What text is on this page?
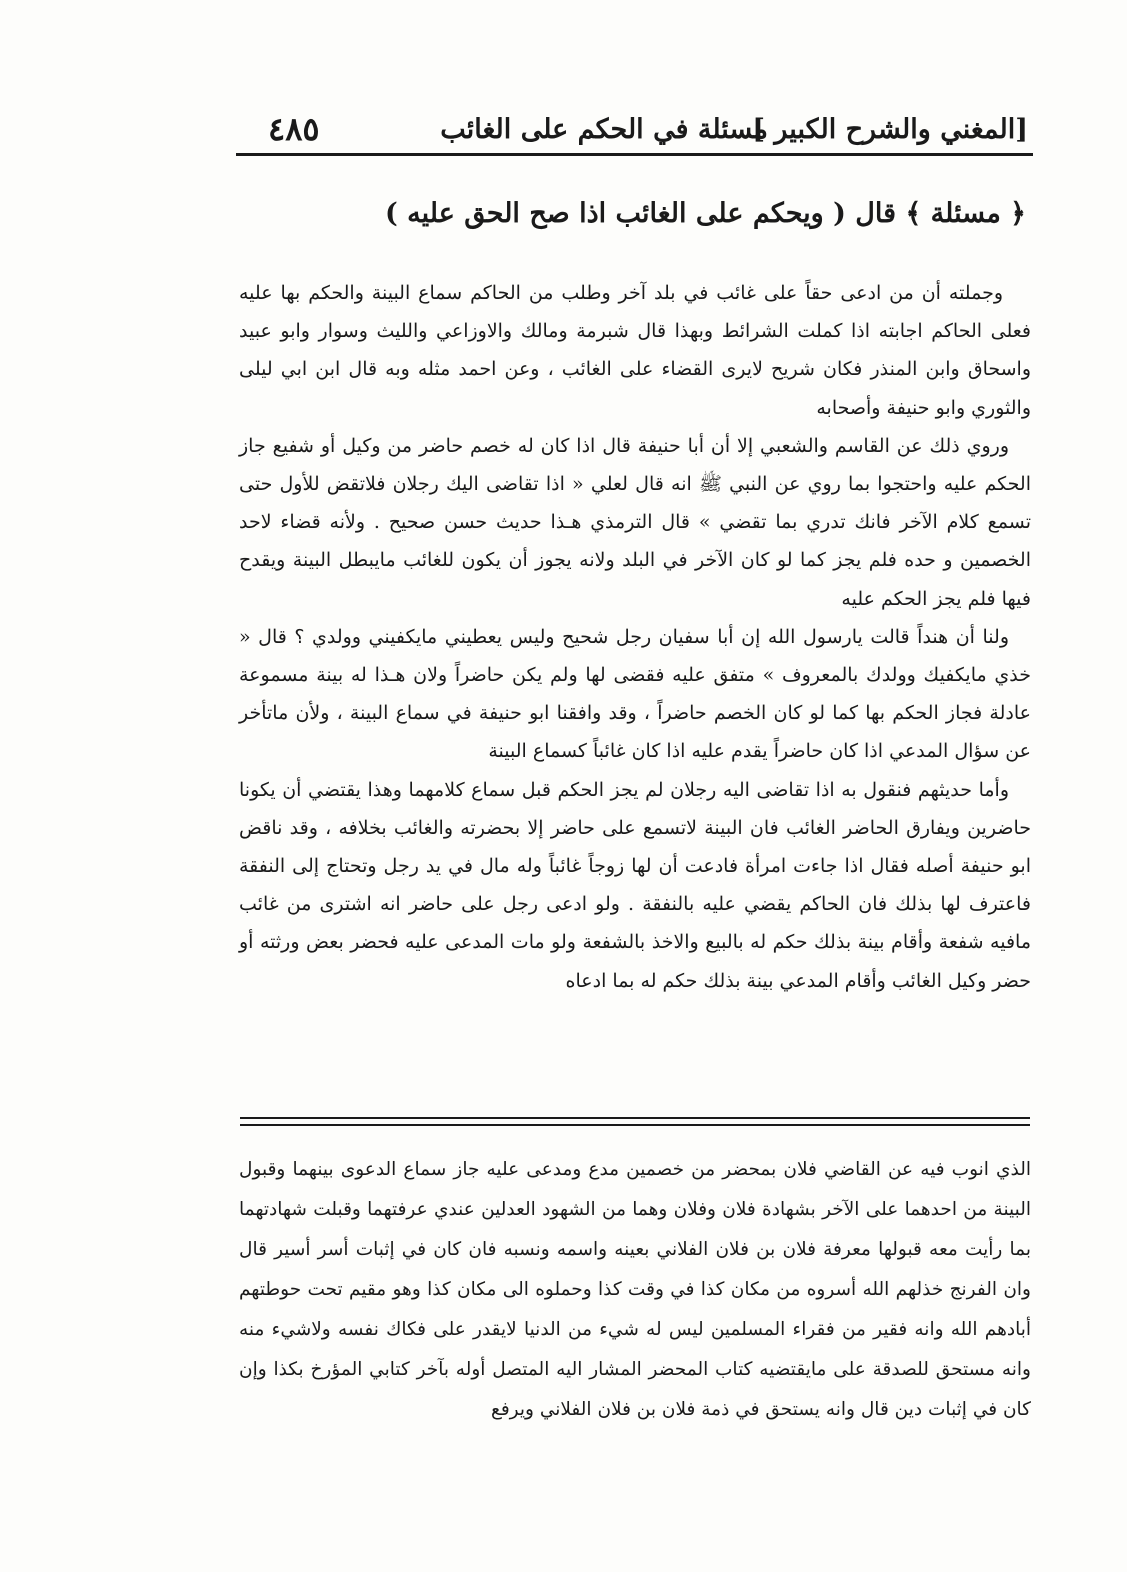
[المغني والشرح الكبير ]
مسئلة في الحكم على الغائب
٤٨٥
﴿ مسئلة ﴾ قال ( ويحكم على الغائب اذا صح الحق عليه )

وجملته أن من ادعى حقاً على غائب في بلد آخر وطلب من الحاكم سماع البينة والحكم بها عليه فعلى الحاكم اجابته اذا كملت الشرائط وبهذا قال شبرمة ومالك والاوزاعي والليث وسوار وابو عبيد واسحاق وابن المنذر فكان شريح لايرى القضاء على الغائب ، وعن احمد مثله وبه قال ابن ابي ليلى والثوري وابو حنيفة وأصحابه

وروي ذلك عن القاسم والشعبي إلا أن أبا حنيفة قال اذا كان له خصم حاضر من وكيل أو شفيع جاز الحكم عليه واحتجوا بما روي عن النبي ﷺ انه قال لعلي « اذا تقاضى اليك رجلان فلاتقض للأول حتى تسمع كلام الآخر فانك تدري بما تقضي » قال الترمذي هـذا حديث حسن صحيح . ولأنه قضاء لاحد الخصمين و حده فلم يجز كما لو كان الآخر في البلد ولانه يجوز أن يكون للغائب مايبطل البينة ويقدح فيها فلم يجز الحكم عليه

ولنا أن هنداً قالت يارسول الله إن أبا سفيان رجل شحيح وليس يعطيني مايكفيني وولدي ؟ قال « خذي مايكفيك وولدك بالمعروف » متفق عليه فقضى لها ولم يكن حاضراً ولان هـذا له بينة مسموعة عادلة فجاز الحكم بها كما لو كان الخصم حاضراً ، وقد وافقنا ابو حنيفة في سماع البينة ، ولأن ماتأخر عن سؤال المدعي اذا كان حاضراً يقدم عليه اذا كان غائباً كسماع البينة

وأما حديثهم فنقول به اذا تقاضى اليه رجلان لم يجز الحكم قبل سماع كلامهما وهذا يقتضي أن يكونا حاضرين ويفارق الحاضر الغائب فان البينة لاتسمع على حاضر إلا بحضرته والغائب بخلافه ، وقد ناقض ابو حنيفة أصله فقال اذا جاءت امرأة فادعت أن لها زوجاً غائباً وله مال في يد رجل وتحتاج إلى النفقة فاعترف لها بذلك فان الحاكم يقضي عليه بالنفقة . ولو ادعى رجل على حاضر انه اشترى من غائب مافيه شفعة وأقام بينة بذلك حكم له بالبيع والاخذ بالشفعة ولو مات المدعى عليه فحضر بعض ورثته أو حضر وكيل الغائب وأقام المدعي بينة بذلك حكم له بما ادعاه

الذي انوب فيه عن القاضي فلان بمحضر من خصمين مدع ومدعى عليه جاز سماع الدعوى بينهما وقبول البينة من احدهما على الآخر بشهادة فلان وفلان وهما من الشهود العدلين عندي عرفتهما وقبلت شهادتهما بما رأيت معه قبولها معرفة فلان بن فلان الفلاني بعينه واسمه ونسبه فان كان في إثبات أسر أسير قال وان الفرنج خذلهم الله أسروه من مكان كذا في وقت كذا وحملوه الى مكان كذا وهو مقيم تحت حوطتهم أبادهم الله وانه فقير من فقراء المسلمين ليس له شيء من الدنيا لايقدر على فكاك نفسه ولاشيء منه وانه مستحق للصدقة على مايقتضيه كتاب المحضر المشار اليه المتصل أوله بآخر كتابي المؤرخ بكذا وإن كان في إثبات دين قال وانه يستحق في ذمة فلان بن فلان الفلاني ويرفع
